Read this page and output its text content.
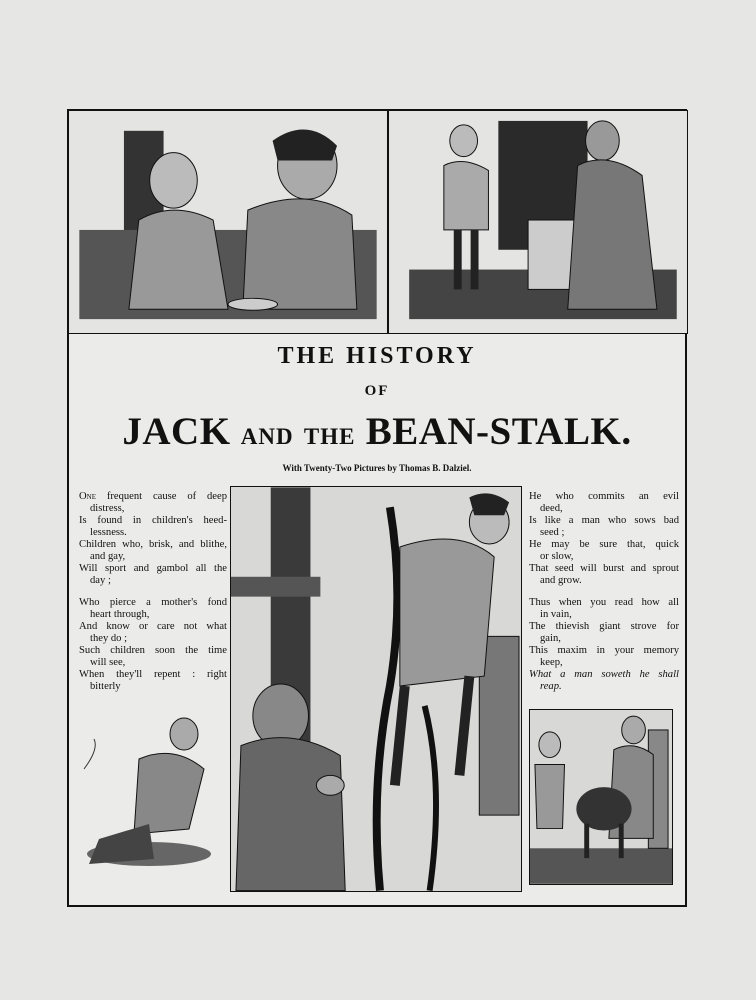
THE HISTORY
OF
JACK AND THE BEAN-STALK.
With Twenty-Two Pictures by Thomas B. Dalziel.
One frequent cause of deep
distress,
Is found in children's heed-
lessness.
Children who, brisk, and blithe,
and gay,
Will sport and gambol all the
day ;
Who pierce a mother's fond
heart through,
And know or care not what
they do ;
Such children soon the time
will see,
When they'll repent : right
bitterly
He who commits an evil
deed,
Is like a man who sows bad
seed ;
He may be sure that, quick
or slow,
That seed will burst and sprout
and grow.
Thus when you read how all
in vain,
The thievish giant strove for
gain,
This maxim in your memory
keep,
What a man soweth he shall
reap.
